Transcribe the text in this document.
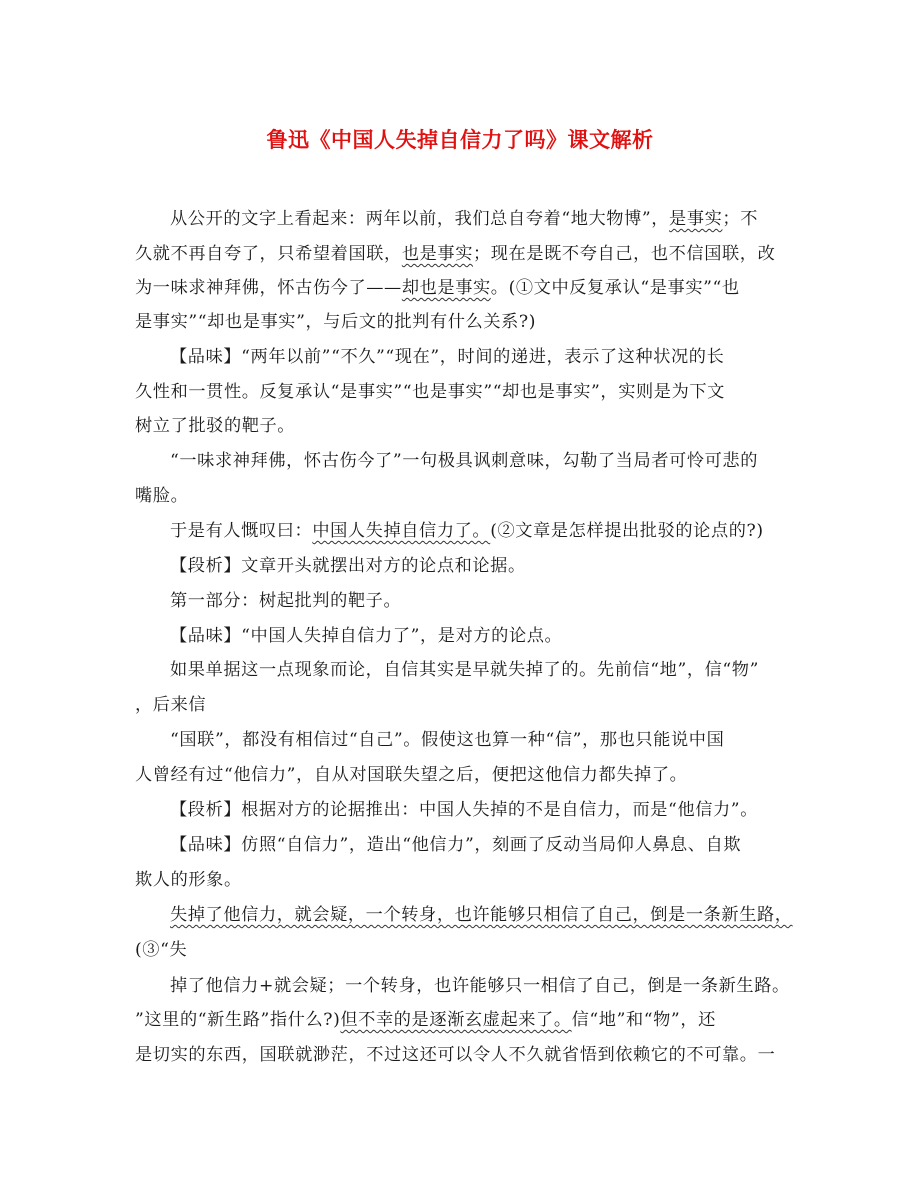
鲁迅《中国人失掉自信力了吗》课文解析
从公开的文字上看起来：两年以前，我们总自夸着“地大物博”，是事实；不
久就不再自夸了，只希望着国联，也是事实；现在是既不夸自己，也不信国联，改
为一味求神拜佛，怀古伤今了——却也是事实。(①文中反复承认“是事实”“也
是事实”“却也是事实”，与后文的批判有什么关系?)
【品味】“两年以前”“不久”“现在”，时间的递进，表示了这种状况的长
久性和一贯性。反复承认“是事实”“也是事实”“却也是事实”，实则是为下文
树立了批驳的靶子。
“一味求神拜佛，怀古伤今了”一句极具讽刺意味，勾勒了当局者可怜可悲的
嘴脸。
于是有人慨叹曰：中国人失掉自信力了。(②文章是怎样提出批驳的论点的?)
【段析】文章开头就摆出对方的论点和论据。
第一部分：树起批判的靶子。
【品味】“中国人失掉自信力了”，是对方的论点。
如果单据这一点现象而论，自信其实是早就失掉了的。先前信“地”，信“物”
，后来信
“国联”，都没有相信过“自己”。假使这也算一种“信”，那也只能说中国
人曾经有过“他信力”，自从对国联失望之后，便把这他信力都失掉了。
【段析】根据对方的论据推出：中国人失掉的不是自信力，而是“他信力”。
【品味】仿照“自信力”，造出“他信力”，刻画了反动当局仰人鼻息、自欺
欺人的形象。
失掉了他信力，就会疑，一个转身，也许能够只相信了自己，倒是一条新生路，
(③“失
掉了他信力+就会疑；一个转身，也许能够只一相信了自己，倒是一条新生路。
”这里的“新生路”指什么?)但不幸的是逐渐玄虚起来了。信“地”和“物”，还
是切实的东西，国联就渺茫，不过这还可以令人不久就省悟到依赖它的不可靠。一
